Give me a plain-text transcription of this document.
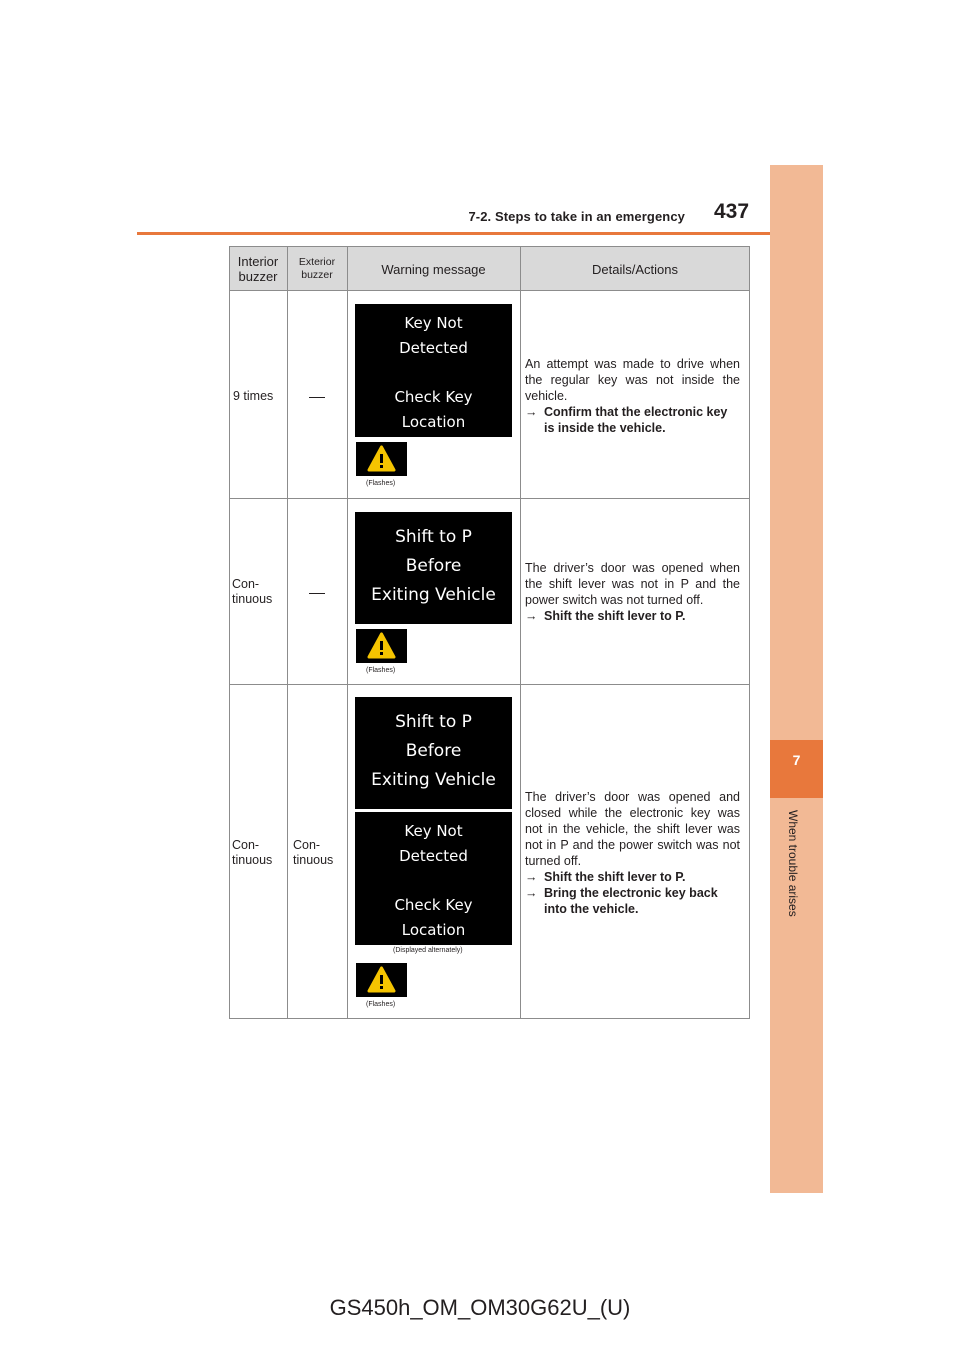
7-2. Steps to take in an emergency 437
7
When trouble arises
Interior
buzzer
Exterior
buzzer	Warning message	Details/Actions
9 times
Key Not
Detected
Check Key
Location
(Flashes)
An attempt was made to drive when the regular key was not inside the vehicle.
→ Confirm that the electronic key is inside the vehicle.
Con-
tinuous
Shift to P
Before
Exiting Vehicle
(Flashes)
The driver’s door was opened when the shift lever was not in P and the power switch was not turned off.
→ Shift the shift lever to P.
Con-
tinuous
Con-
tinuous
Shift to P
Before
Exiting Vehicle
Key Not
Detected
Check Key
Location
(Displayed alternately)
(Flashes)
The driver’s door was opened and closed while the electronic key was not in the vehicle, the shift lever was not in P and the power switch was not turned off.
→ Shift the shift lever to P.
→ Bring the electronic key back into the vehicle.
GS450h_OM_OM30G62U_(U)
